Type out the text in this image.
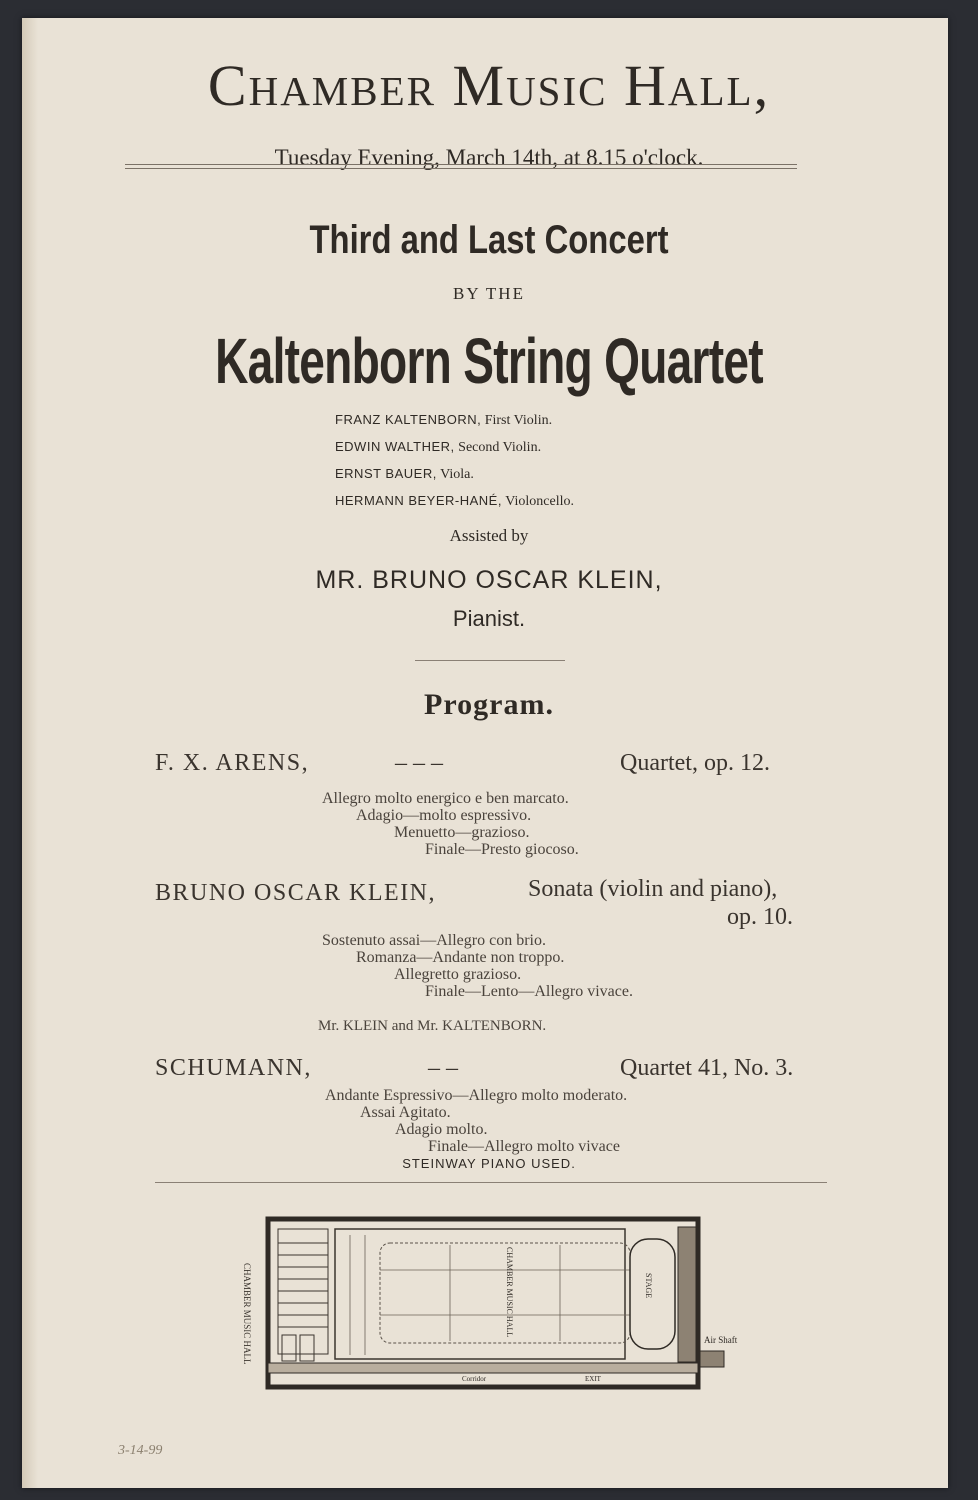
Chamber Music Hall,
Tuesday Evening, March 14th, at 8.15 o'clock.
Third and Last Concert
BY THE
Kaltenborn String Quartet
FRANZ KALTENBORN, First Violin.
EDWIN WALTHER, Second Violin.
ERNST BAUER, Viola.
HERMANN BEYER-HANÉ, Violoncello.
Assisted by
MR. BRUNO OSCAR KLEIN,
Pianist.
Program.
F. X. ARENS,	– – –	Quartet, op. 12.
Allegro molto energico e ben marcato.
Adagio—molto espressivo.
Menuetto—grazioso.
Finale—Presto giocoso.
BRUNO OSCAR KLEIN,	Sonata (violin and piano),
op. 10.
Sostenuto assai—Allegro con brio.
Romanza—Andante non troppo.
Allegretto grazioso.
Finale—Lento—Allegro vivace.
Mr. KLEIN and Mr. KALTENBORN.
SCHUMANN,	– –	Quartet 41, No. 3.
Andante Espressivo—Allegro molto moderato.
Assai Agitato.
Adagio molto.
Finale—Allegro molto vivace
STEINWAY PIANO USED.
CHAMBER MUSIC HALL	CHAMBER MUSIC HALL	STAGE
Corridor	EXIT
Air Shaft
3-14-99
